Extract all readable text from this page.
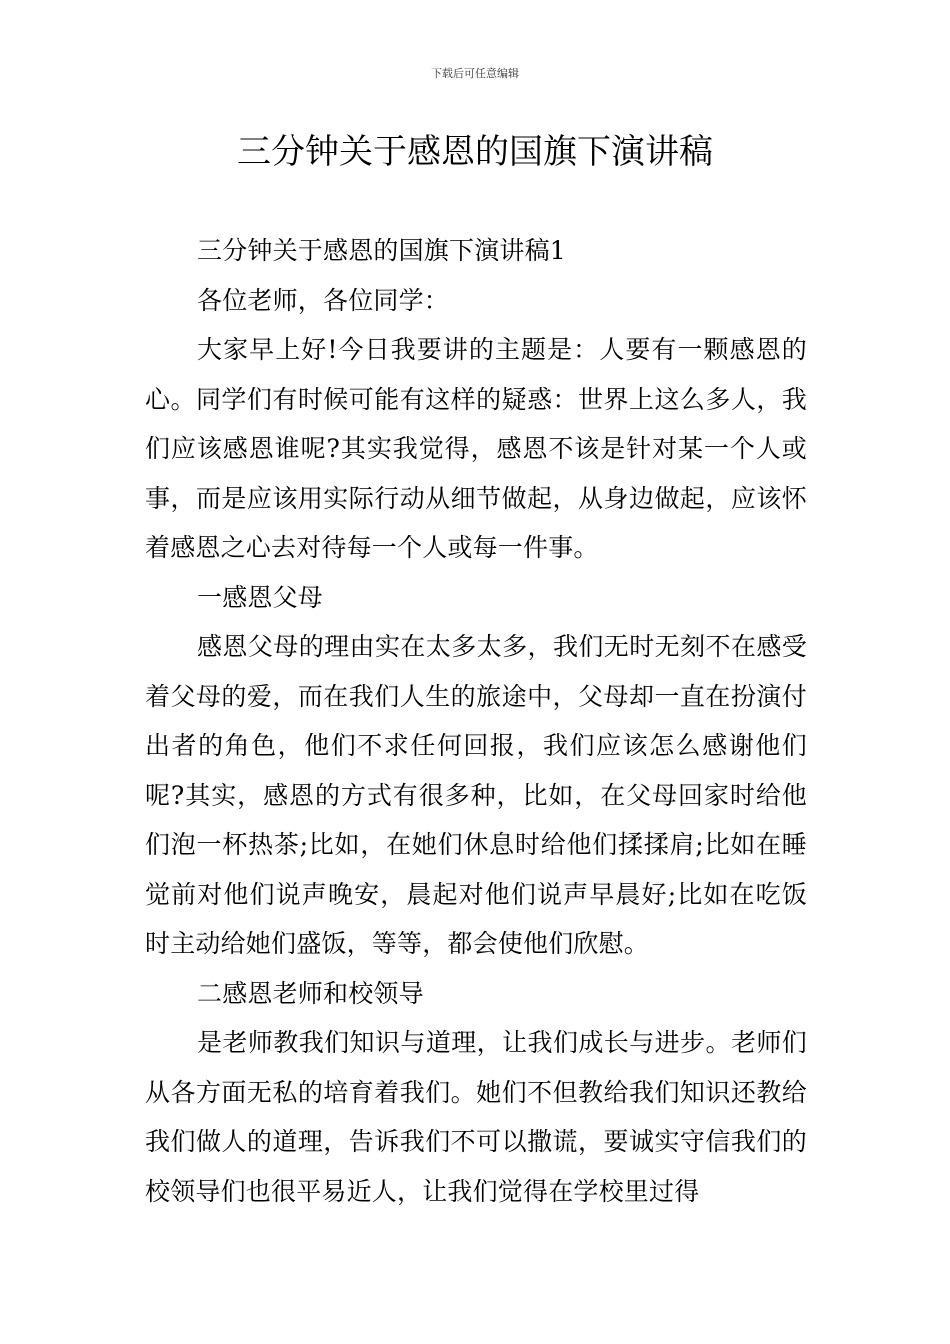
下载后可任意编辑
三分钟关于感恩的国旗下演讲稿

三分钟关于感恩的国旗下演讲稿1

各位老师，各位同学：

大家早上好!今日我要讲的主题是：人要有一颗感恩的心。同学们有时候可能有这样的疑惑：世界上这么多人，我们应该感恩谁呢?其实我觉得，感恩不该是针对某一个人或事，而是应该用实际行动从细节做起，从身边做起，应该怀着感恩之心去对待每一个人或每一件事。

一感恩父母

感恩父母的理由实在太多太多，我们无时无刻不在感受着父母的爱，而在我们人生的旅途中，父母却一直在扮演付出者的角色，他们不求任何回报，我们应该怎么感谢他们呢?其实，感恩的方式有很多种，比如，在父母回家时给他们泡一杯热茶;比如，在她们休息时给他们揉揉肩;比如在睡觉前对他们说声晚安，晨起对他们说声早晨好;比如在吃饭时主动给她们盛饭，等等，都会使他们欣慰。

二感恩老师和校领导

是老师教我们知识与道理，让我们成长与进步。老师们从各方面无私的培育着我们。她们不但教给我们知识还教给我们做人的道理，告诉我们不可以撒谎，要诚实守信我们的校领导们也很平易近人，让我们觉得在学校里过得
